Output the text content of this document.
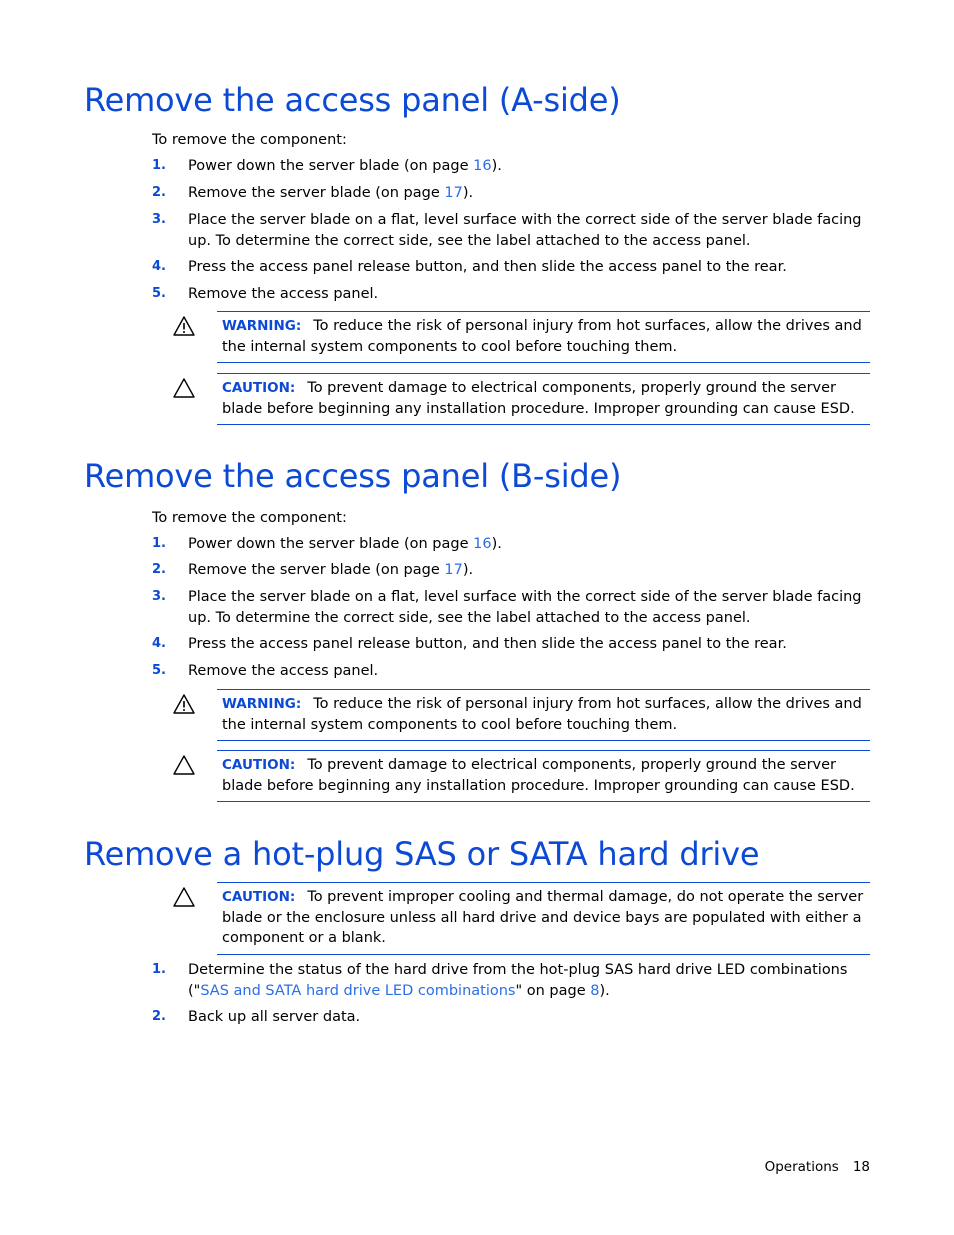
Remove the access panel (A-side)
To remove the component:
1.	Power down the server blade (on page 16).
2.	Remove the server blade (on page 17).
3.	Place the server blade on a flat, level surface with the correct side of the server blade facing up. To determine the correct side, see the label attached to the access panel.
4.	Press the access panel release button, and then slide the access panel to the rear.
5.	Remove the access panel.
WARNING: To reduce the risk of personal injury from hot surfaces, allow the drives and the internal system components to cool before touching them.
CAUTION: To prevent damage to electrical components, properly ground the server blade before beginning any installation procedure. Improper grounding can cause ESD.
Remove the access panel (B-side)
To remove the component:
1.	Power down the server blade (on page 16).
2.	Remove the server blade (on page 17).
3.	Place the server blade on a flat, level surface with the correct side of the server blade facing up. To determine the correct side, see the label attached to the access panel.
4.	Press the access panel release button, and then slide the access panel to the rear.
5.	Remove the access panel.
WARNING: To reduce the risk of personal injury from hot surfaces, allow the drives and the internal system components to cool before touching them.
CAUTION: To prevent damage to electrical components, properly ground the server blade before beginning any installation procedure. Improper grounding can cause ESD.
Remove a hot-plug SAS or SATA hard drive
CAUTION: To prevent improper cooling and thermal damage, do not operate the server blade or the enclosure unless all hard drive and device bays are populated with either a component or a blank.
1.	Determine the status of the hard drive from the hot-plug SAS hard drive LED combinations ("SAS and SATA hard drive LED combinations" on page 8).
2.	Back up all server data.
Operations 18
